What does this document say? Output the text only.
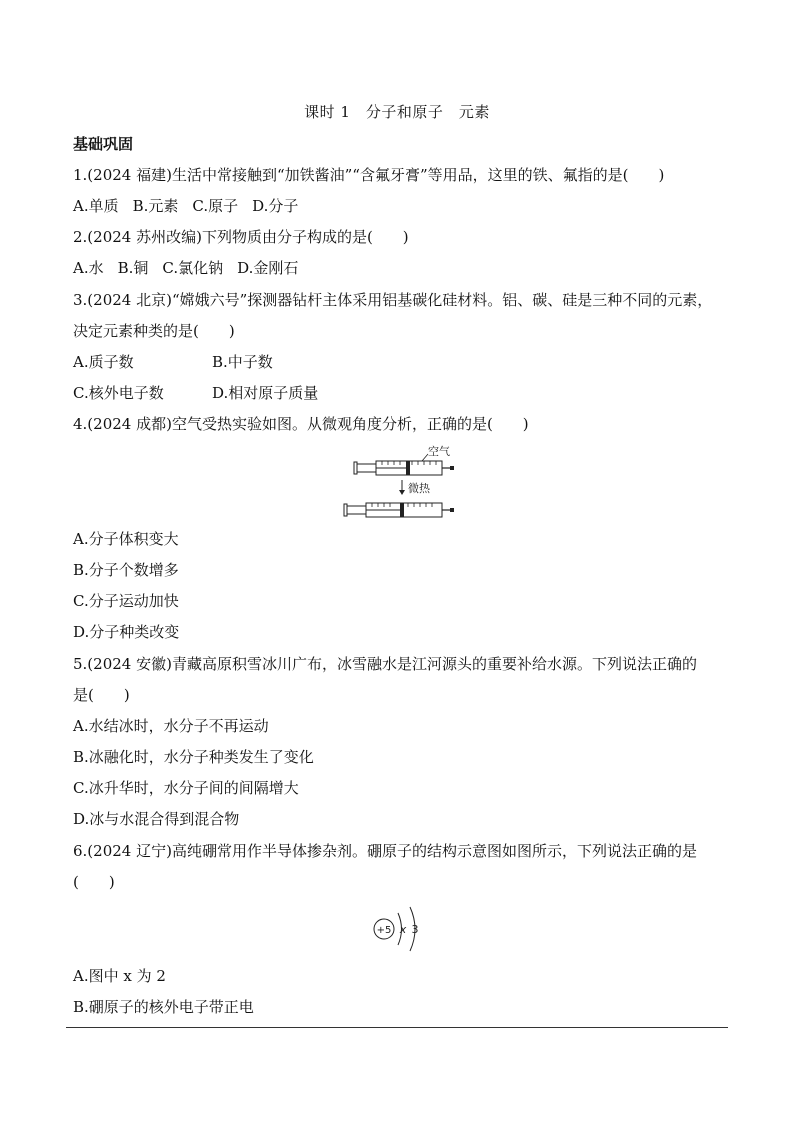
课时 1　分子和原子　元素
基础巩固
1.(2024 福建)生活中常接触到“加铁酱油”“含氟牙膏”等用品，这里的铁、氟指的是(　　)
A.单质 B.元素 C.原子 D.分子
2.(2024 苏州改编)下列物质由分子构成的是(　　)
A.水 B.铜 C.氯化钠 D.金刚石
3.(2024 北京)“嫦娥六号”探测器钻杆主体采用铝基碳化硅材料。铝、碳、硅是三种不同的元素，
决定元素种类的是(　　)
A.质子数	B.中子数
C.核外电子数	D.相对原子质量
4.(2024 成都)空气受热实验如图。从微观角度分析，正确的是(　　)
空气
微热
A.分子体积变大
B.分子个数增多
C.分子运动加快
D.分子种类改变
5.(2024 安徽)青藏高原积雪冰川广布，冰雪融水是江河源头的重要补给水源。下列说法正确的
是(　　)
A.水结冰时，水分子不再运动
B.冰融化时，水分子种类发生了变化
C.冰升华时，水分子间的间隔增大
D.冰与水混合得到混合物
6.(2024 辽宁)高纯硼常用作半导体掺杂剂。硼原子的结构示意图如图所示，下列说法正确的是
(　　)
+5 x 3
A.图中 x 为 2
B.硼原子的核外电子带正电
